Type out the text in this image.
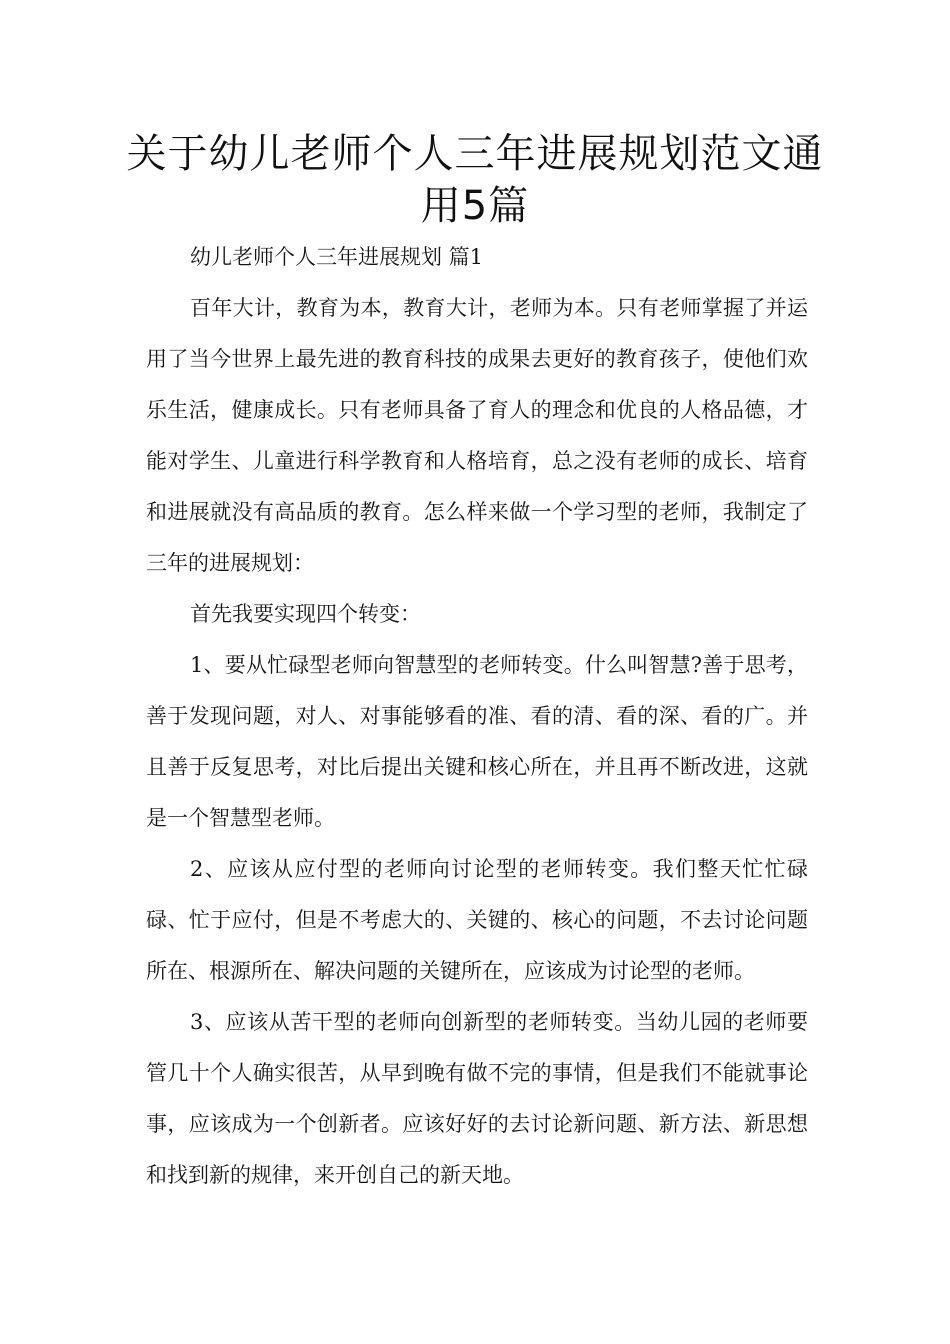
关于幼儿老师个人三年进展规划范文通用5篇

幼儿老师个人三年进展规划 篇1

百年大计，教育为本，教育大计，老师为本。只有老师掌握了并运用了当今世界上最先进的教育科技的成果去更好的教育孩子，使他们欢乐生活，健康成长。只有老师具备了育人的理念和优良的人格品德，才能对学生、儿童进行科学教育和人格培育，总之没有老师的成长、培育和进展就没有高品质的教育。怎么样来做一个学习型的老师，我制定了三年的进展规划：

首先我要实现四个转变：

1、要从忙碌型老师向智慧型的老师转变。什么叫智慧?善于思考，善于发现问题，对人、对事能够看的准、看的清、看的深、看的广。并且善于反复思考，对比后提出关键和核心所在，并且再不断改进，这就是一个智慧型老师。

2、应该从应付型的老师向讨论型的老师转变。我们整天忙忙碌碌、忙于应付，但是不考虑大的、关键的、核心的问题，不去讨论问题所在、根源所在、解决问题的关键所在，应该成为讨论型的老师。

3、应该从苦干型的老师向创新型的老师转变。当幼儿园的老师要管几十个人确实很苦，从早到晚有做不完的事情，但是我们不能就事论事，应该成为一个创新者。应该好好的去讨论新问题、新方法、新思想和找到新的规律，来开创自己的新天地。
